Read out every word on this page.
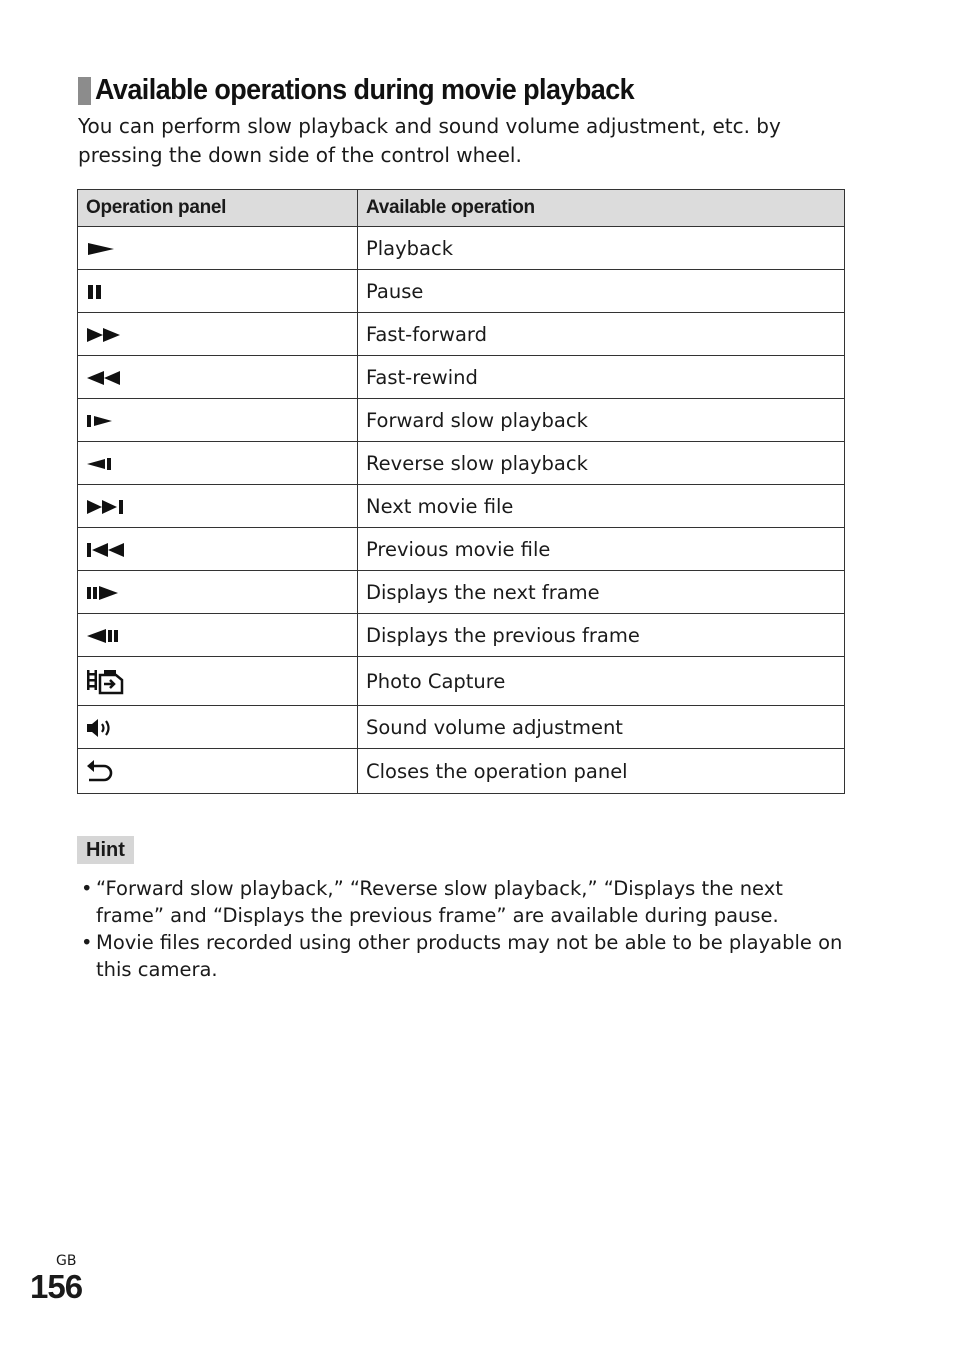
Available operations during movie playback

You can perform slow playback and sound volume adjustment, etc. by pressing the down side of the control wheel.

Operation panel	Available operation

	Playback

	Pause

	Fast-forward

	Fast-rewind

	Forward slow playback

	Reverse slow playback

	Next movie file

	Previous movie file

	Displays the next frame

	Displays the previous frame

	Photo Capture

	Sound volume adjustment

	Closes the operation panel
Hint
• “Forward slow playback,” “Reverse slow playback,” “Displays the next frame” and “Displays the previous frame” are available during pause.
• Movie files recorded using other products may not be able to be playable on this camera.
GB
156
